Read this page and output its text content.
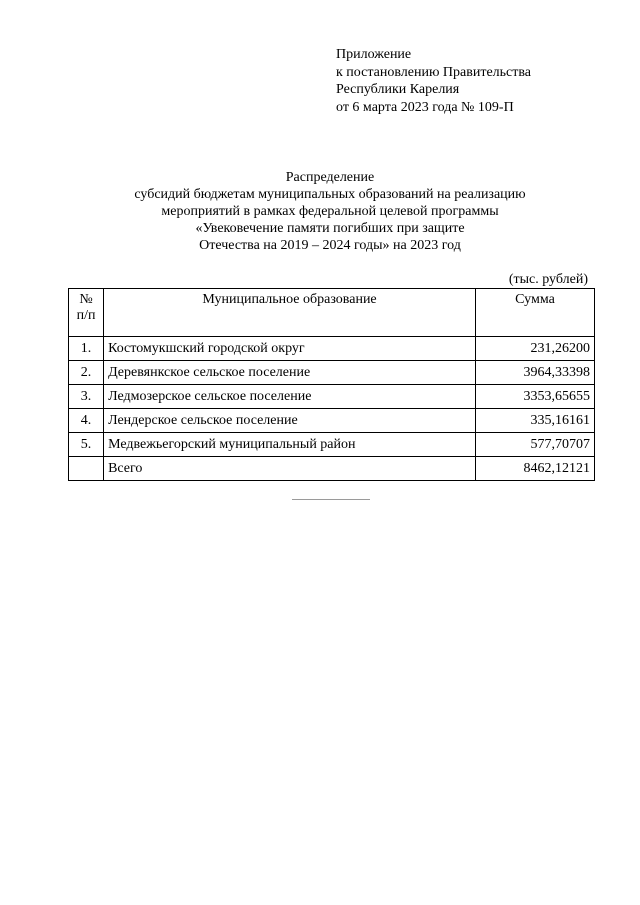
Приложение
к постановлению Правительства
Республики Карелия
от 6 марта 2023 года № 109-П
Распределение
субсидий бюджетам муниципальных образований на реализацию
мероприятий в рамках федеральной целевой программы
«Увековечение памяти погибших при защите
Отечества на 2019 – 2024 годы» на 2023 год
(тыс. рублей)
№
п/п	Муниципальное образование	Сумма
1.	Костомукшский городской округ	231,26200
2.	Деревянкское сельское поселение	3964,33398
3.	Ледмозерское сельское поселение	3353,65655
4.	Лендерское сельское поселение	335,16161
5.	Медвежьегорский муниципальный район	577,70707
	Всего	8462,12121
